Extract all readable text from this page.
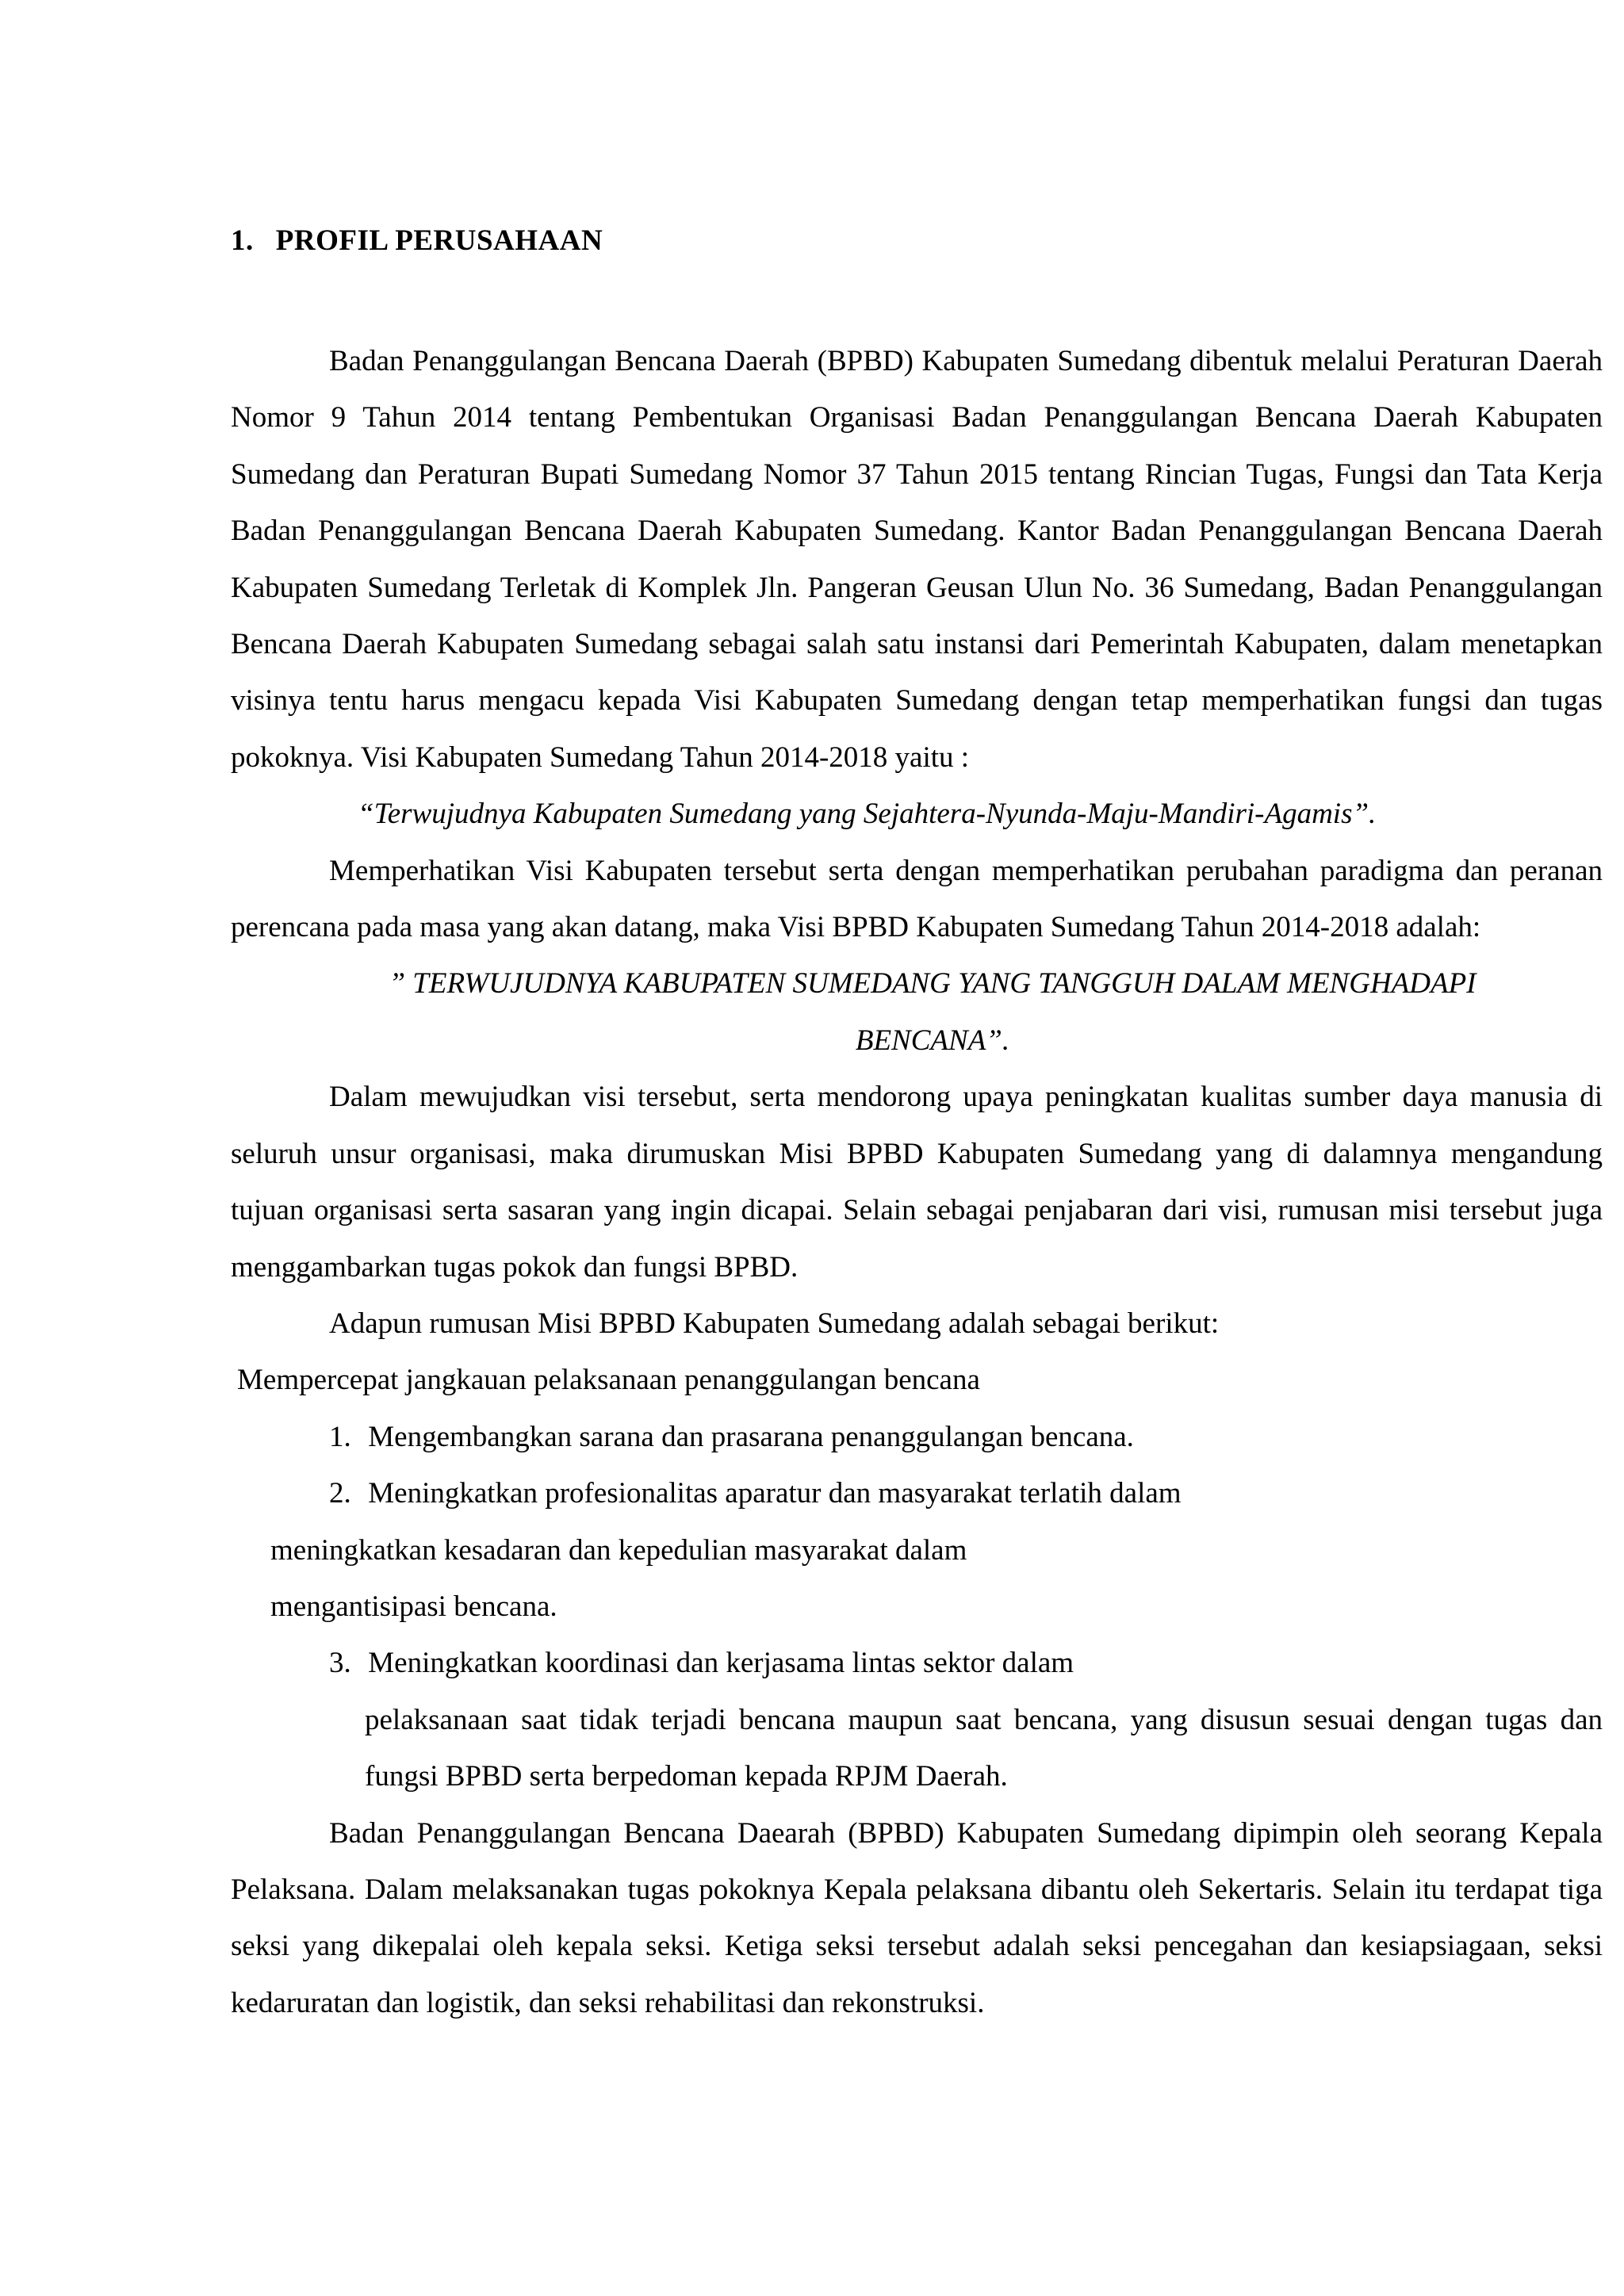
1. PROFIL PERUSAHAAN

Badan Penanggulangan Bencana Daerah (BPBD) Kabupaten Sumedang dibentuk melalui Peraturan Daerah Nomor 9 Tahun 2014 tentang Pembentukan Organisasi Badan Penanggulangan Bencana Daerah Kabupaten Sumedang dan Peraturan Bupati Sumedang Nomor 37 Tahun 2015 tentang Rincian Tugas, Fungsi dan Tata Kerja Badan Penanggulangan Bencana Daerah Kabupaten Sumedang. Kantor Badan Penanggulangan Bencana Daerah Kabupaten Sumedang Terletak di Komplek Jln. Pangeran Geusan Ulun No. 36 Sumedang, Badan Penanggulangan Bencana Daerah Kabupaten Sumedang sebagai salah satu instansi dari Pemerintah Kabupaten, dalam menetapkan visinya tentu harus mengacu kepada Visi Kabupaten Sumedang dengan tetap memperhatikan fungsi dan tugas pokoknya. Visi Kabupaten Sumedang Tahun 2014-2018 yaitu :

“Terwujudnya Kabupaten Sumedang yang Sejahtera-Nyunda-Maju-Mandiri-Agamis”.

Memperhatikan Visi Kabupaten tersebut serta dengan memperhatikan perubahan paradigma dan peranan perencana pada masa yang akan datang, maka Visi BPBD Kabupaten Sumedang Tahun 2014-2018 adalah:

” TERWUJUDNYA KABUPATEN SUMEDANG YANG TANGGUH DALAM MENGHADAPI BENCANA”.

Dalam mewujudkan visi tersebut, serta mendorong upaya peningkatan kualitas sumber daya manusia di seluruh unsur organisasi, maka dirumuskan Misi BPBD Kabupaten Sumedang yang di dalamnya mengandung tujuan organisasi serta sasaran yang ingin dicapai. Selain sebagai penjabaran dari visi, rumusan misi tersebut juga menggambarkan tugas pokok dan fungsi BPBD.

Adapun rumusan Misi BPBD Kabupaten Sumedang adalah sebagai berikut:

Mempercepat jangkauan pelaksanaan penanggulangan bencana

1. Mengembangkan sarana dan prasarana penanggulangan bencana.

2. Meningkatkan profesionalitas aparatur dan masyarakat terlatih dalam

meningkatkan kesadaran dan kepedulian masyarakat dalam

mengantisipasi bencana.

3. Meningkatkan koordinasi dan kerjasama lintas sektor dalam

pelaksanaan saat tidak terjadi bencana maupun saat bencana, yang disusun sesuai dengan tugas dan fungsi BPBD serta berpedoman kepada RPJM Daerah.

Badan Penanggulangan Bencana Daearah (BPBD) Kabupaten Sumedang dipimpin oleh seorang Kepala Pelaksana. Dalam melaksanakan tugas pokoknya Kepala pelaksana dibantu oleh Sekertaris. Selain itu terdapat tiga seksi yang dikepalai oleh kepala seksi. Ketiga seksi tersebut adalah seksi pencegahan dan kesiapsiagaan, seksi kedaruratan dan logistik, dan seksi rehabilitasi dan rekonstruksi.
